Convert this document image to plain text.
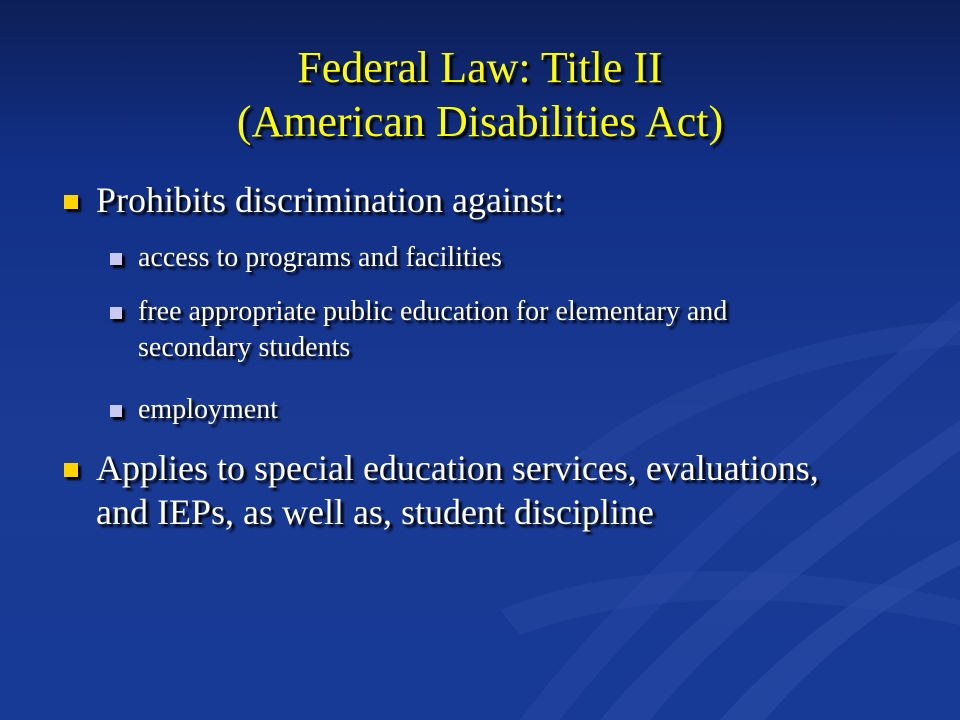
Federal Law: Title II
(American Disabilities Act)
Prohibits discrimination against:
access to programs and facilities
free appropriate public education for elementary and secondary students
employment
Applies to special education services, evaluations, and IEPs, as well as, student discipline
